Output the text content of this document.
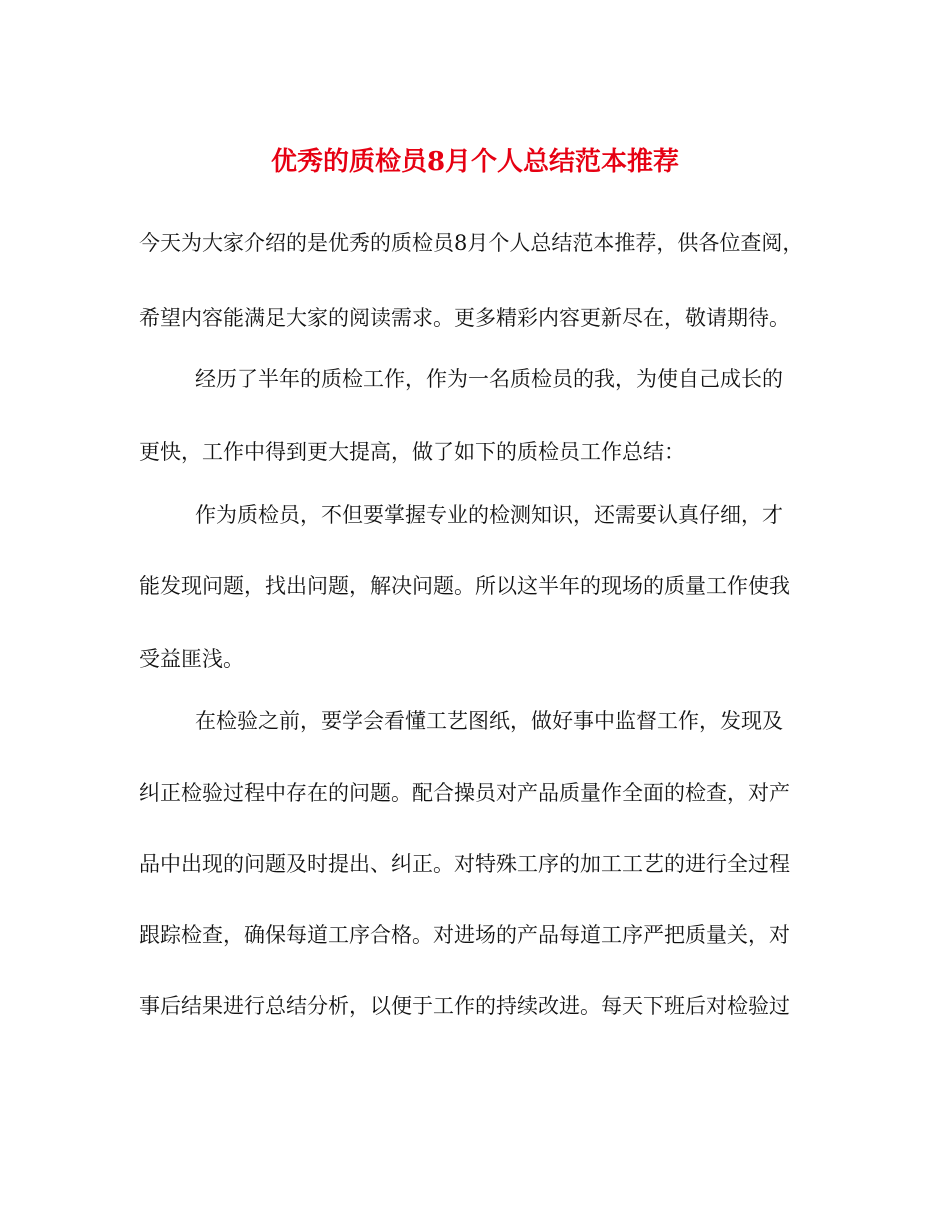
优秀的质检员8月个人总结范本推荐
今天为大家介绍的是优秀的质检员8月个人总结范本推荐，供各位查阅，
希望内容能满足大家的阅读需求。更多精彩内容更新尽在，敬请期待。
经历了半年的质检工作，作为一名质检员的我，为使自己成长的
更快，工作中得到更大提高，做了如下的质检员工作总结：
作为质检员，不但要掌握专业的检测知识，还需要认真仔细，才
能发现问题，找出问题，解决问题。所以这半年的现场的质量工作使我
受益匪浅。
在检验之前，要学会看懂工艺图纸，做好事中监督工作，发现及
纠正检验过程中存在的问题。配合操员对产品质量作全面的检查，对产
品中出现的问题及时提出、纠正。对特殊工序的加工工艺的进行全过程
跟踪检查，确保每道工序合格。对进场的产品每道工序严把质量关，对
事后结果进行总结分析，以便于工作的持续改进。每天下班后对检验过
